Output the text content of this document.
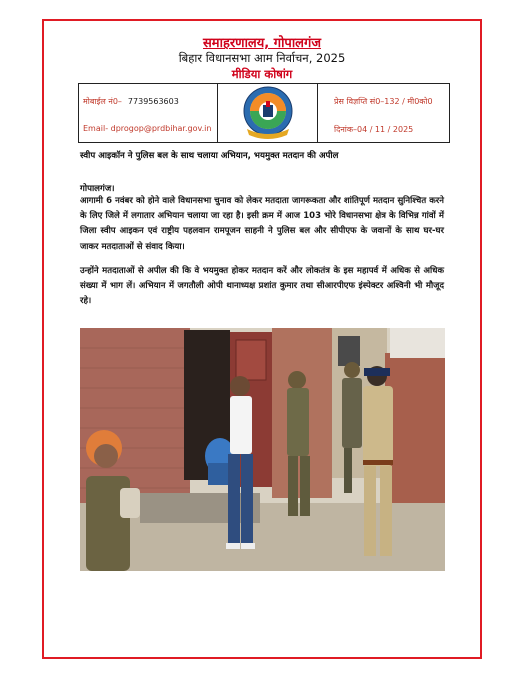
समाहरणालय, गोपालगंज
बिहार विधानसभा आम निर्वाचन, 2025
मीडिया कोषांग
मोबाईल नं0– 7739563603
Email- dprogop@prdbihar.gov.in
प्रेस विज्ञप्ति सं0–132 / मी0को0
दिनांक–04 / 11 / 2025
स्वीप आइकॉन ने पुलिस बल के साथ चलाया अभियान, भयमुक्त मतदान की अपील
गोपालगंज।
आगामी 6 नवंबर को होने वाले विधानसभा चुनाव को लेकर मतदाता जागरूकता और शांतिपूर्ण मतदान सुनिश्चित करने के लिए जिले में लगातार अभियान चलाया जा रहा है। इसी क्रम में आज 103 भोरे विधानसभा क्षेत्र के विभिन्न गांवों में जिला स्वीप आइकन एवं राष्ट्रीय पहलवान रामपूजन साहनी ने पुलिस बल और सीपीएफ के जवानों के साथ घर-घर जाकर मतदाताओं से संवाद किया।
उन्होंने मतदाताओं से अपील की कि वे भयमुक्त होकर मतदान करें और लोकतंत्र के इस महापर्व में अधिक से अधिक संख्या में भाग लें। अभियान में जगतौली ओपी थानाध्यक्ष प्रशांत कुमार तथा सीआरपीएफ इंस्पेक्टर अश्विनी भी मौजूद रहे।
